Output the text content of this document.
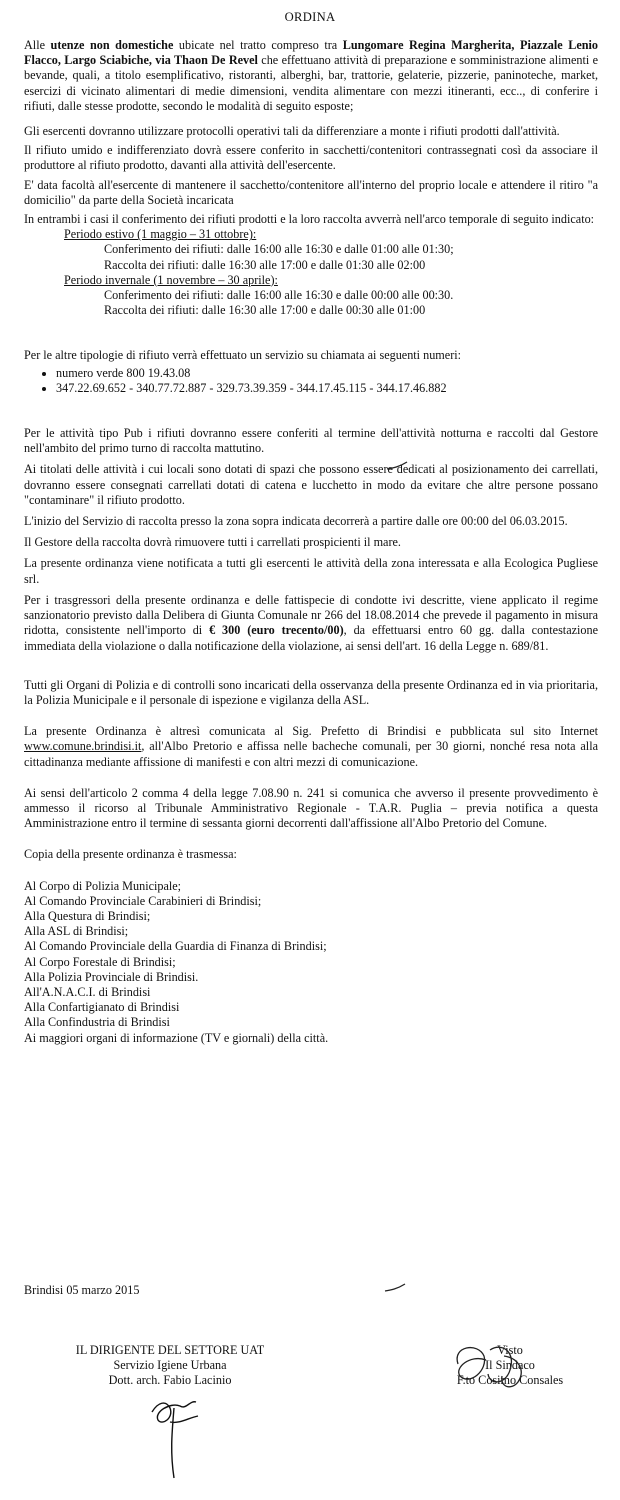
ORDINA

Alle utenze non domestiche ubicate nel tratto compreso tra Lungomare Regina Margherita, Piazzale Lenio Flacco, Largo Sciabiche, via Thaon De Revel che effettuano attività di preparazione e somministrazione alimenti e bevande, quali, a titolo esemplificativo, ristoranti, alberghi, bar, trattorie, gelaterie, pizzerie, paninoteche, market, esercizi di vicinato alimentari di medie dimensioni, vendita alimentare con mezzi itineranti, ecc.., di conferire i rifiuti, dalle stesse prodotte, secondo le modalità di seguito esposte;

Gli esercenti dovranno utilizzare protocolli operativi tali da differenziare a monte i rifiuti prodotti dall'attività.

Il rifiuto umido e indifferenziato dovrà essere conferito in sacchetti/contenitori contrassegnati così da associare il produttore al rifiuto prodotto, davanti alla attività dell'esercente.

E' data facoltà all'esercente di mantenere il sacchetto/contenitore all'interno del proprio locale e attendere il ritiro "a domicilio" da parte della Società incaricata

In entrambi i casi il conferimento dei rifiuti prodotti e la loro raccolta avverrà nell'arco temporale di seguito indicato:

Periodo estivo (1 maggio – 31 ottobre):

Conferimento dei rifiuti: dalle 16:00 alle 16:30 e dalle 01:00 alle 01:30;

Raccolta dei rifiuti: dalle 16:30 alle 17:00 e dalle 01:30 alle 02:00

Periodo invernale (1 novembre – 30 aprile):

Conferimento dei rifiuti: dalle 16:00 alle 16:30 e dalle 00:00 alle 00:30.

Raccolta dei rifiuti: dalle 16:30 alle 17:00 e dalle 00:30 alle 01:00

Per le altre tipologie di rifiuto verrà effettuato un servizio su chiamata ai seguenti numeri:

• numero verde 800 19.43.08
• 347.22.69.652 - 340.77.72.887 - 329.73.39.359 - 344.17.45.115 - 344.17.46.882

Per le attività tipo Pub i rifiuti dovranno essere conferiti al termine dell'attività notturna e raccolti dal Gestore nell'ambito del primo turno di raccolta mattutino.

Ai titolati delle attività i cui locali sono dotati di spazi che possono essere dedicati al posizionamento dei carrellati, dovranno essere consegnati carrellati dotati di catena e lucchetto in modo da evitare che altre persone possano "contaminare" il rifiuto prodotto.

L'inizio del Servizio di raccolta presso la zona sopra indicata decorrerà a partire dalle ore 00:00 del 06.03.2015.

Il Gestore della raccolta dovrà rimuovere tutti i carrellati prospicienti il mare.

La presente ordinanza viene notificata a tutti gli esercenti le attività della zona interessata e alla Ecologica Pugliese srl.

Per i trasgressori della presente ordinanza e delle fattispecie di condotte ivi descritte, viene applicato il regime sanzionatorio previsto dalla Delibera di Giunta Comunale nr 266 del 18.08.2014 che prevede il pagamento in misura ridotta, consistente nell'importo di € 300 (euro trecento/00), da effettuarsi entro 60 gg. dalla contestazione immediata della violazione o dalla notificazione della violazione, ai sensi dell'art. 16 della Legge n. 689/81.

Tutti gli Organi di Polizia e di controlli sono incaricati della osservanza della presente Ordinanza ed in via prioritaria, la Polizia Municipale e il personale di ispezione e vigilanza della ASL.

La presente Ordinanza è altresì comunicata al Sig. Prefetto di Brindisi e pubblicata sul sito Internet www.comune.brindisi.it, all'Albo Pretorio e affissa nelle bacheche comunali, per 30 giorni, nonché resa nota alla cittadinanza mediante affissione di manifesti e con altri mezzi di comunicazione.

Ai sensi dell'articolo 2 comma 4 della legge 7.08.90 n. 241 si comunica che avverso il presente provvedimento è ammesso il ricorso al Tribunale Amministrativo Regionale - T.A.R. Puglia – previa notifica a questa Amministrazione entro il termine di sessanta giorni decorrenti dall'affissione all'Albo Pretorio del Comune.

Copia della presente ordinanza è trasmessa:

Al Corpo di Polizia Municipale;

Al Comando Provinciale Carabinieri di Brindisi;

Alla Questura di Brindisi;

Alla ASL di Brindisi;

Al Comando Provinciale della Guardia di Finanza di Brindisi;

Al Corpo Forestale di Brindisi;

Alla Polizia Provinciale di Brindisi.

All'A.N.A.C.I. di Brindisi

Alla Confartigianato di Brindisi

Alla Confindustria di Brindisi

Ai maggiori organi di informazione (TV e giornali) della città.

Brindisi 05 marzo 2015

IL DIRIGENTE DEL SETTORE UAT

Servizio Igiene Urbana

Dott. arch. Fabio Lacinio

Visto

Il Sindaco

F.to Cosimo Consales
